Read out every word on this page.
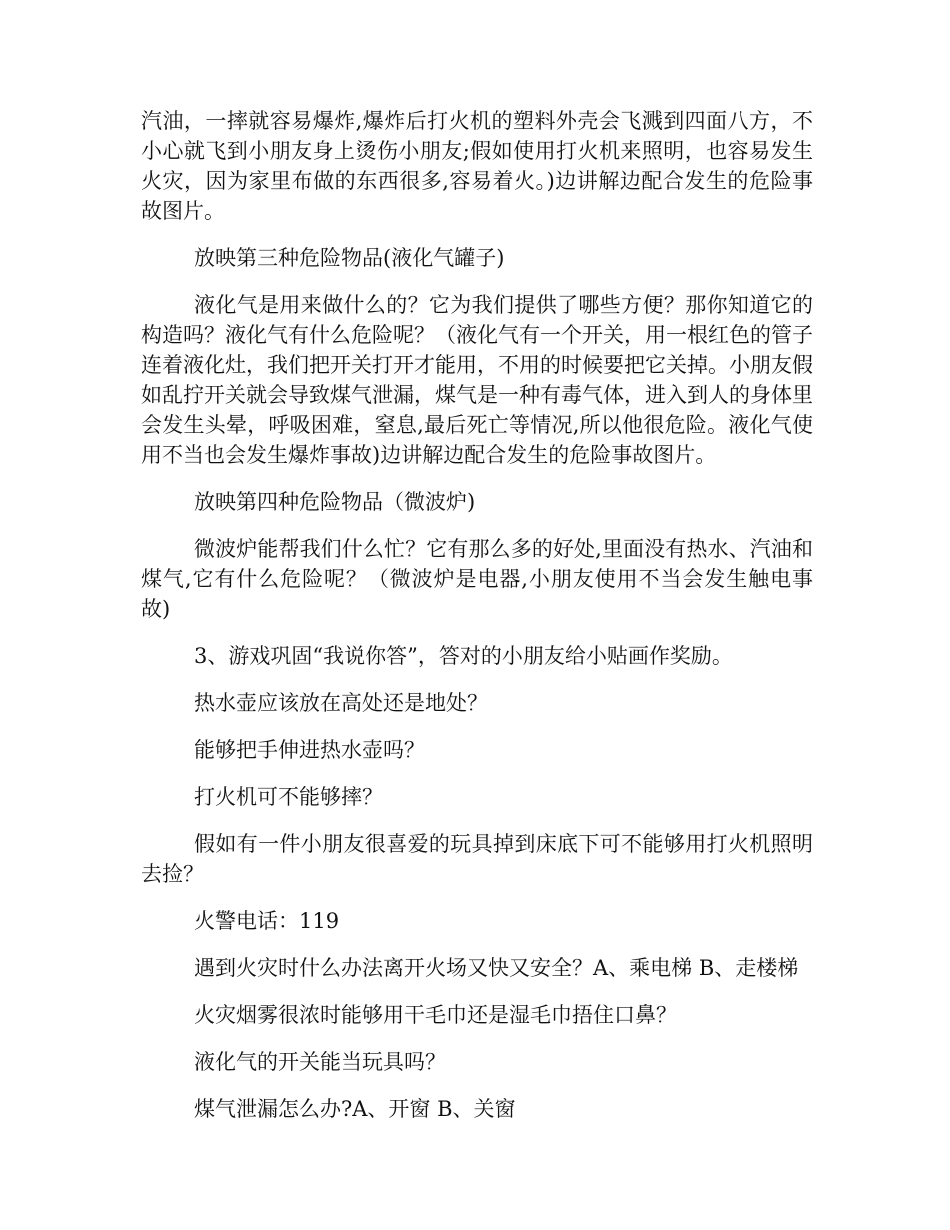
汽油，一摔就容易爆炸,爆炸后打火机的塑料外壳会飞溅到四面八方，不小心就飞到小朋友身上烫伤小朋友;假如使用打火机来照明，也容易发生火灾，因为家里布做的东西很多,容易着火。)边讲解边配合发生的危险事故图片。

放映第三种危险物品(液化气罐子)

液化气是用来做什么的？它为我们提供了哪些方便？那你知道它的构造吗？液化气有什么危险呢？（液化气有一个开关，用一根红色的管子连着液化灶，我们把开关打开才能用，不用的时候要把它关掉。小朋友假如乱拧开关就会导致煤气泄漏，煤气是一种有毒气体，进入到人的身体里会发生头晕，呼吸困难，窒息,最后死亡等情况,所以他很危险。液化气使用不当也会发生爆炸事故)边讲解边配合发生的危险事故图片。

放映第四种危险物品（微波炉)

微波炉能帮我们什么忙？它有那么多的好处,里面没有热水、汽油和煤气,它有什么危险呢？（微波炉是电器,小朋友使用不当会发生触电事故)

3、游戏巩固“我说你答”，答对的小朋友给小贴画作奖励。

热水壶应该放在高处还是地处？

能够把手伸进热水壶吗？

打火机可不能够摔？

假如有一件小朋友很喜爱的玩具掉到床底下可不能够用打火机照明去捡？

火警电话：119

遇到火灾时什么办法离开火场又快又安全？A、乘电梯 B、走楼梯

火灾烟雾很浓时能够用干毛巾还是湿毛巾捂住口鼻？

液化气的开关能当玩具吗？

煤气泄漏怎么办?A、开窗 B、关窗
